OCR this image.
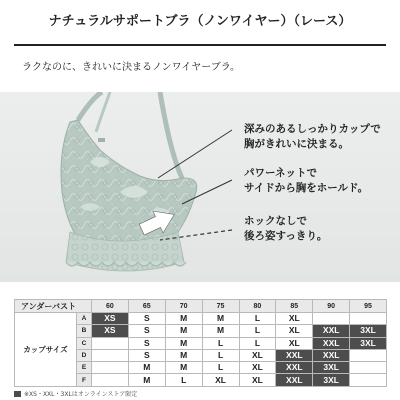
ナチュラルサポートブラ（ノンワイヤー）（レース）
ラクなのに、きれいに決まるノンワイヤーブラ。
深みのあるしっかりカップで
胸がきれいに決まる。
パワーネットで
サイドから胸をホールド。
ホックなしで
後ろ姿すっきり。
アンダーバスト		60	65	70	75	80	85	90	95
カップサイズ	A	XS	S	M	M	L	XL		
	B	XS	S	M	M	L	XL	XXL	3XL
	C		S	M	L	L	XL	XXL	3XL
	D		S	M	L	XL	XXL	XXL	
	E		M	M	L	XL	XXL	3XL	
	F		M	L	XL	XL	XXL	3XL	
※XS・XXL・3XLはオンラインストア限定
